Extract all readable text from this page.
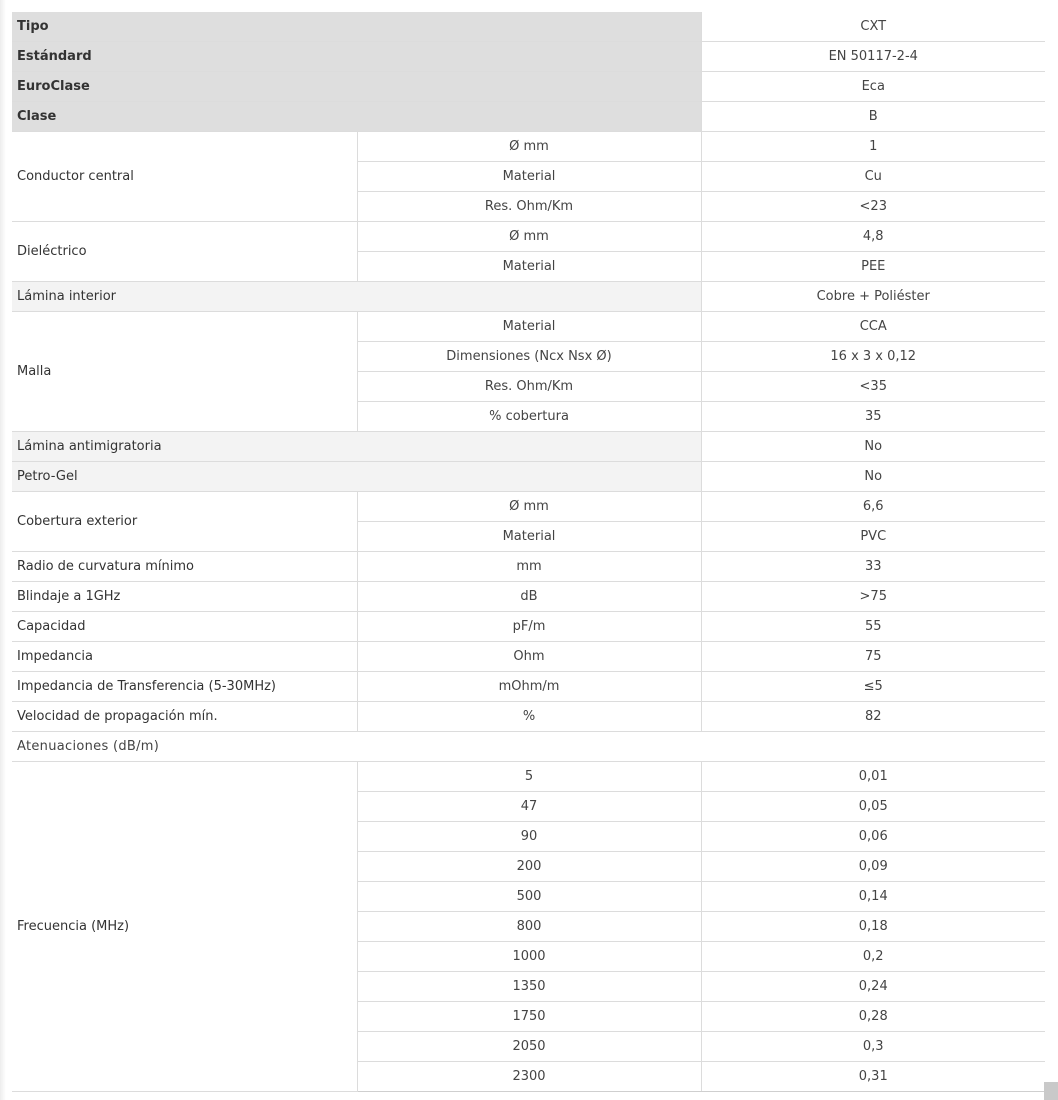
Tipo		CXT
Estándard		EN 50117-2-4
EuroClase		Eca
Clase		B
Conductor central	Ø mm	1
	Material	Cu
	Res. Ohm/Km	<23
Dieléctrico	Ø mm	4,8
	Material	PEE
Lámina interior		Cobre + Poliéster
Malla	Material	CCA
	Dimensiones (Ncx Nsx Ø)	16 x 3 x 0,12
	Res. Ohm/Km	<35
	% cobertura	35
Lámina antimigratoria		No
Petro-Gel		No
Cobertura exterior	Ø mm	6,6
	Material	PVC
Radio de curvatura mínimo	mm	33
Blindaje a 1GHz	dB	>75
Capacidad	pF/m	55
Impedancia	Ohm	75
Impedancia de Transferencia (5-30MHz)	mOhm/m	≤5
Velocidad de propagación mín.	%	82
Atenuaciones (dB/m)		
Frecuencia (MHz)	5	0,01
	47	0,05
	90	0,06
	200	0,09
	500	0,14
	800	0,18
	1000	0,2
	1350	0,24
	1750	0,28
	2050	0,3
	2300	0,31
